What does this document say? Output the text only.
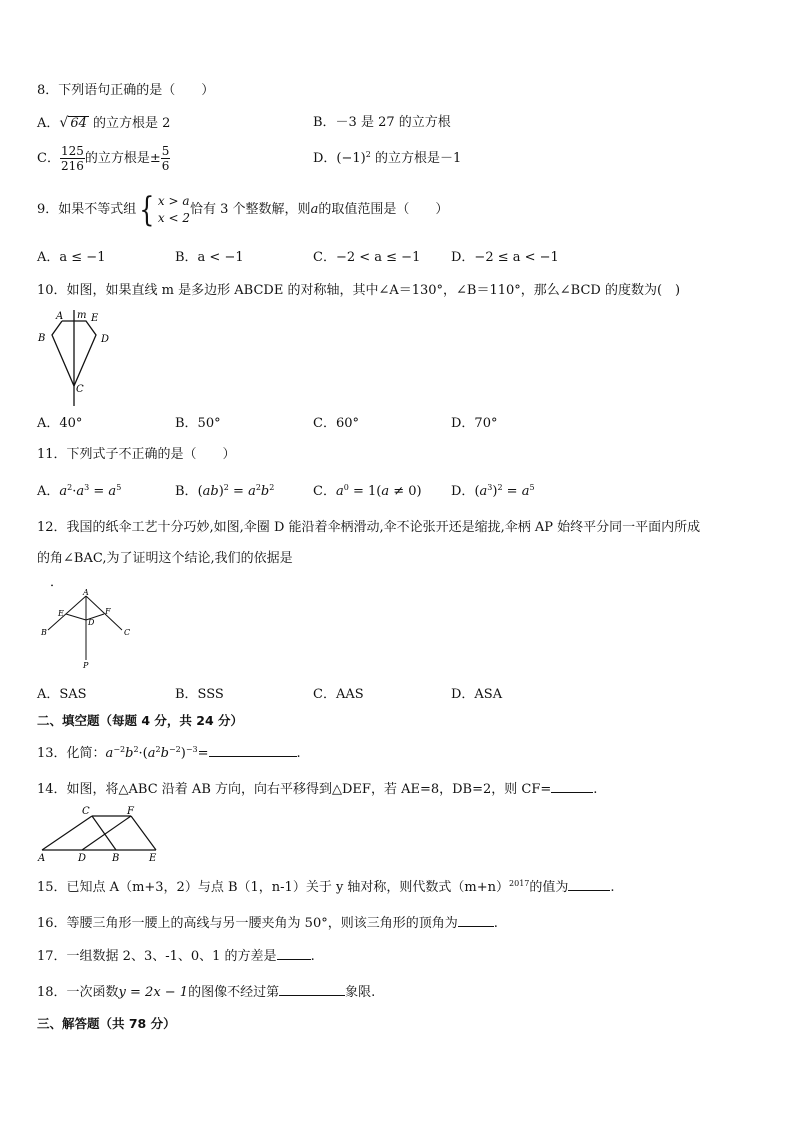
8．下列语句正确的是（　　）
A．√ 64 的立方根是 2	B．－3 是 27 的立方根
C． $\frac{125}{216}$ 的立方根是± $\frac{5}{6}$	D．$(-1)^2$ 的立方根是－1
9．如果不等式组{ x > a
x < 2
恰有 3 个整数解，则a的取值范围是（　　）
A．a ≤ −1	B．a < −1	C．−2 < a ≤ −1 D．−2 ≤ a < −1
10．如图，如果直线 m 是多边形 ABCDE 的对称轴，其中∠A＝130°，∠B＝110°，那么∠BCD 的度数为(　)
A m E
B	D
C
A．40°	B．50°	C．60°	D．70°
11．下列式子不正确的是（　　）
A．$a^2\cdot a^3 = a^5$	B．$(ab)^2 = a^2b^2$	C．$a^0 = 1(a \ne 0)$ D．$(a^3)^2 = a^5$
12．我国的纸伞工艺十分巧妙,如图,伞圈 D 能沿着伞柄滑动,伞不论张开还是缩拢,伞柄 AP 始终平分同一平面内所成
的角∠BAC,为了证明这个结论,我们的依据是
．
A
E	F
B
D
C
P
A．SAS	B．SSS	C．AAS	D．ASA
二、填空题（每题 4 分，共 24 分）
13．化简：$a^{-2}b^2\cdot(a^2b^{-2})^{-3}=$	.
14．如图，将△ABC 沿着 AB 方向，向右平移得到△DEF，若 AE=8，DB=2，则 CF=	.
C	F
A	D	B	E
15．已知点 A（m+3，2）与点 B（1，n-1）关于 y 轴对称，则代数式$(m+n)^{2017}$的值为	.
16．等腰三角形一腰上的高线与另一腰夹角为 50°，则该三角形的顶角为	.
17．一组数据 2、3、-1、0、1 的方差是	.
18．一次函数y = 2x − 1的图像不经过第	象限.
三、解答题（共 78 分）
